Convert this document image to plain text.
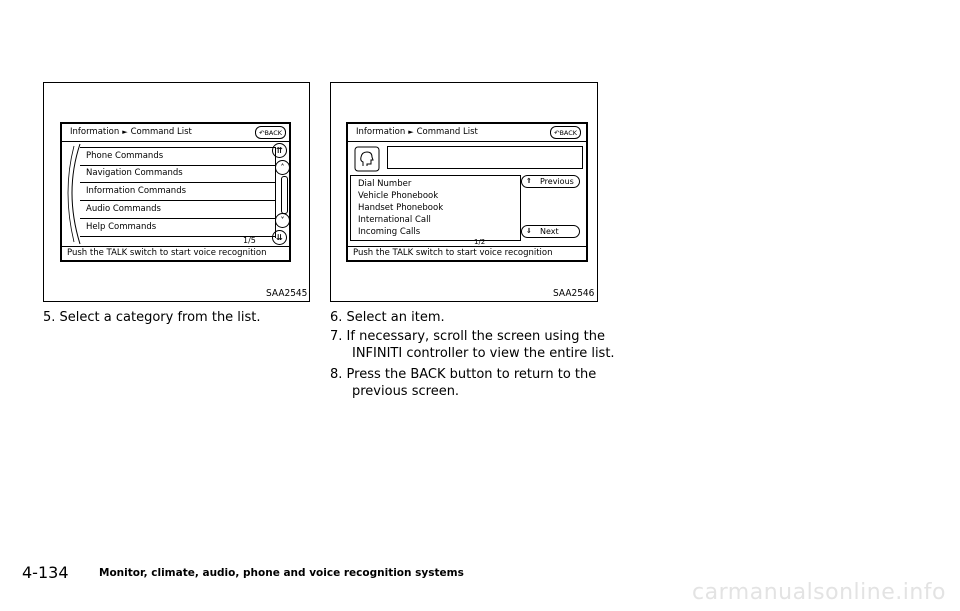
Information ► Command List	↶BACK
Phone Commands
Navigation Commands
Information Commands
Audio Commands
Help Commands
1/5
⇈
˄
˅
⇊
Push the TALK switch to start voice recognition
SAA2545
Information ► Command List	↶BACK
Dial Number
Vehicle Phonebook
Handset Phonebook
International Call
Incoming Calls
1/2
⇑ Previous
⇓ Next
Push the TALK switch to start voice recognition
SAA2546
5. Select a category from the list.	6. Select an item.
7. If necessary, scroll the screen using the
INFINITI controller to view the entire list.
8. Press the BACK button to return to the
previous screen.
4-134	Monitor, climate, audio, phone and voice recognition systems
carmanualsonline.info
